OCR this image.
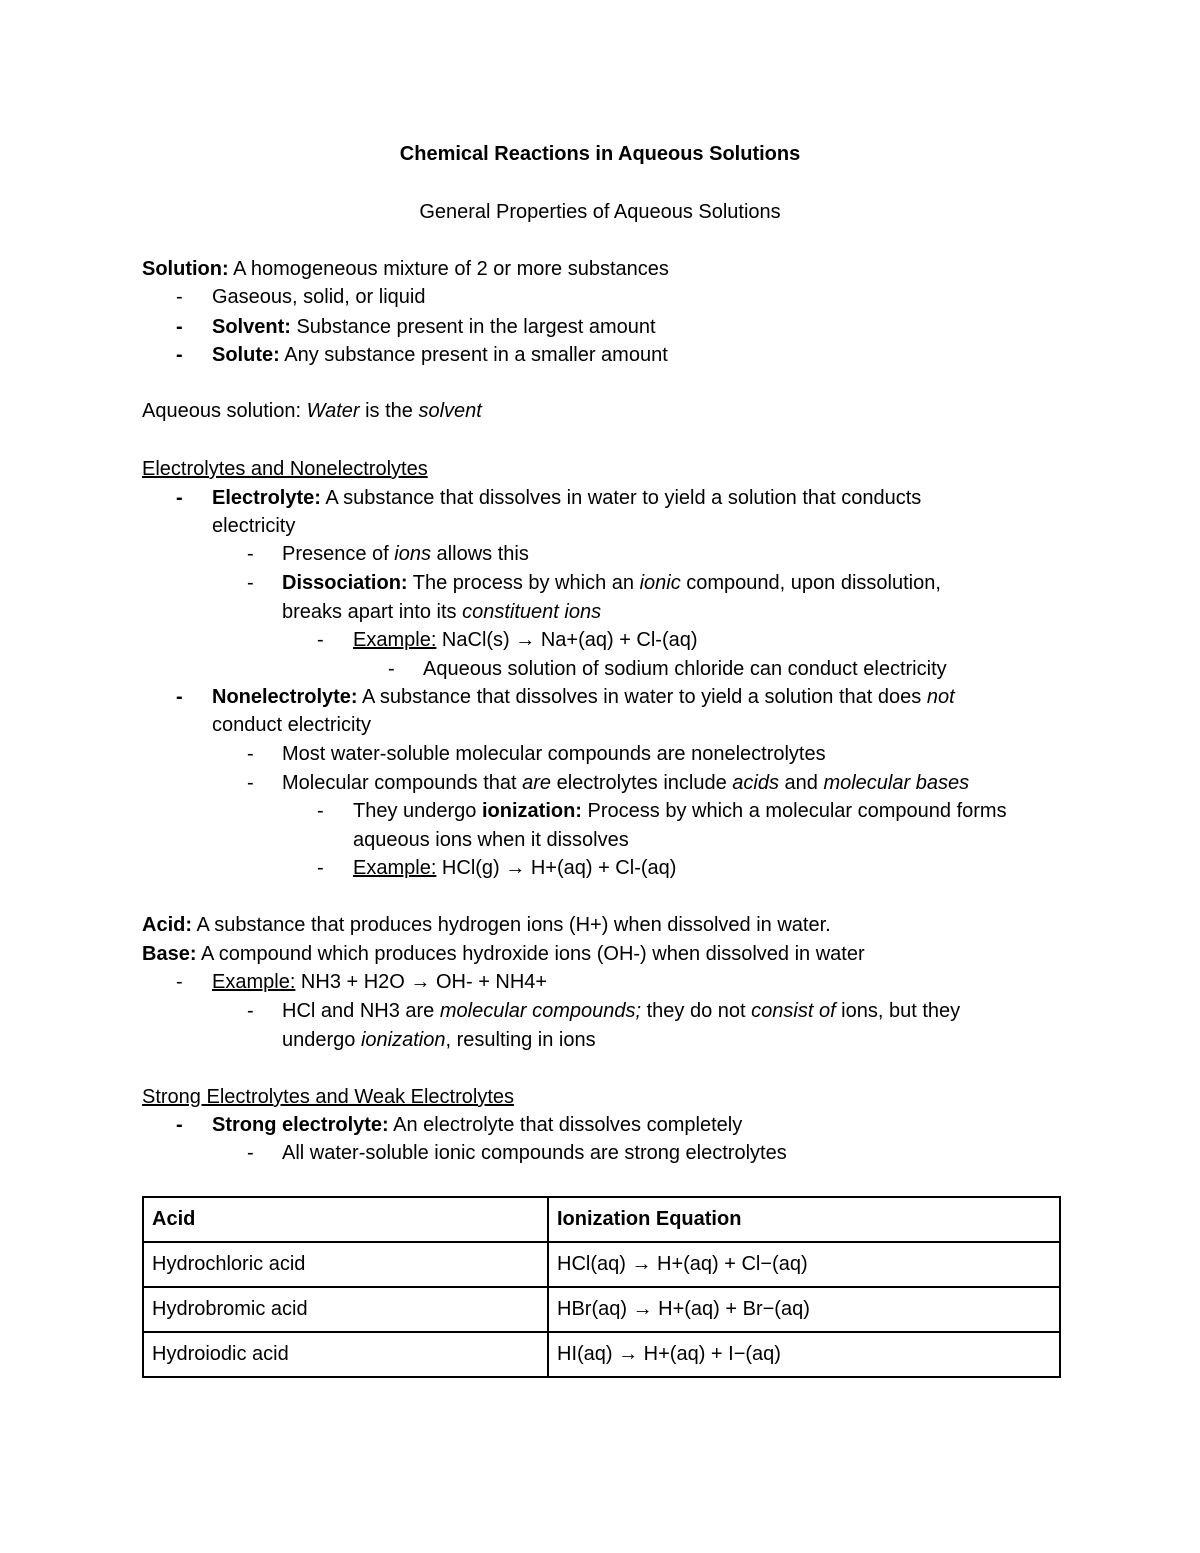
Chemical Reactions in Aqueous Solutions
General Properties of Aqueous Solutions
Solution: A homogeneous mixture of 2 or more substances
- Gaseous, solid, or liquid
- Solvent: Substance present in the largest amount
- Solute: Any substance present in a smaller amount
Aqueous solution: Water is the solvent
Electrolytes and Nonelectrolytes
- Electrolyte: A substance that dissolves in water to yield a solution that conducts
electricity
- Presence of ions allows this
- Dissociation: The process by which an ionic compound, upon dissolution,
breaks apart into its constituent ions
- Example: NaCl(s) → Na+(aq) + Cl-(aq)
- Aqueous solution of sodium chloride can conduct electricity
- Nonelectrolyte: A substance that dissolves in water to yield a solution that does not
conduct electricity
- Most water-soluble molecular compounds are nonelectrolytes
- Molecular compounds that are electrolytes include acids and molecular bases
- They undergo ionization: Process by which a molecular compound forms
aqueous ions when it dissolves
- Example: HCl(g) → H+(aq) + Cl-(aq)
Acid: A substance that produces hydrogen ions (H+) when dissolved in water.
Base: A compound which produces hydroxide ions (OH-) when dissolved in water
- Example: NH3 + H2O → OH- + NH4+
- HCl and NH3 are molecular compounds; they do not consist of ions, but they
undergo ionization, resulting in ions
Strong Electrolytes and Weak Electrolytes
- Strong electrolyte: An electrolyte that dissolves completely
- All water-soluble ionic compounds are strong electrolytes
Acid	Ionization Equation
Hydrochloric acid	HCl(aq) → H+(aq) + Cl−(aq)
Hydrobromic acid	HBr(aq) → H+(aq) + Br−(aq)
Hydroiodic acid	HI(aq) → H+(aq) + I−(aq)
